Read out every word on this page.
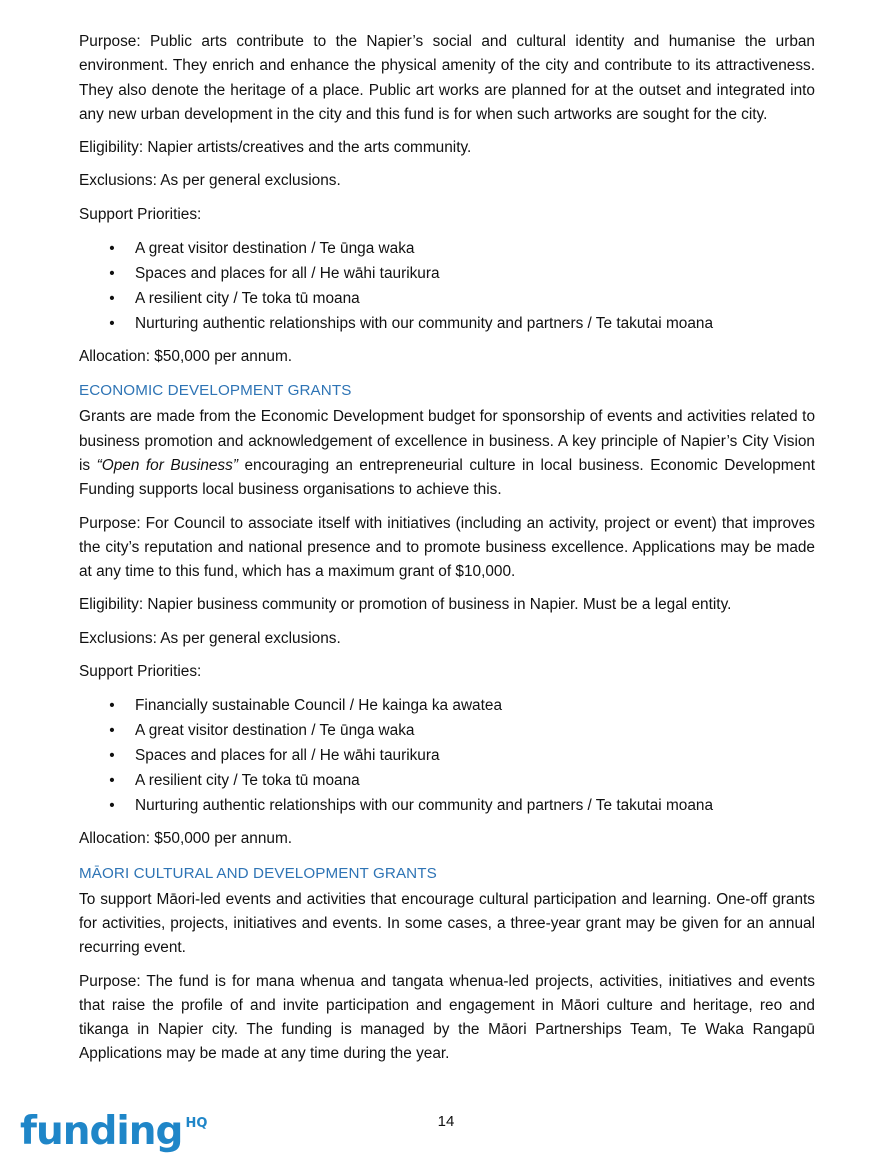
Purpose: Public arts contribute to the Napier’s social and cultural identity and humanise the urban environment. They enrich and enhance the physical amenity of the city and contribute to its attractiveness. They also denote the heritage of a place. Public art works are planned for at the outset and integrated into any new urban development in the city and this fund is for when such artworks are sought for the city.

Eligibility: Napier artists/creatives and the arts community.

Exclusions: As per general exclusions.

Support Priorities:

• A great visitor destination / Te ūnga waka
• Spaces and places for all / He wāhi taurikura
• A resilient city / Te toka tū moana
• Nurturing authentic relationships with our community and partners / Te takutai moana

Allocation: $50,000 per annum.

ECONOMIC DEVELOPMENT GRANTS

Grants are made from the Economic Development budget for sponsorship of events and activities related to business promotion and acknowledgement of excellence in business. A key principle of Napier’s City Vision is “Open for Business” encouraging an entrepreneurial culture in local business. Economic Development Funding supports local business organisations to achieve this.

Purpose: For Council to associate itself with initiatives (including an activity, project or event) that improves the city’s reputation and national presence and to promote business excellence. Applications may be made at any time to this fund, which has a maximum grant of $10,000.

Eligibility: Napier business community or promotion of business in Napier. Must be a legal entity.

Exclusions: As per general exclusions.

Support Priorities:

• Financially sustainable Council / He kainga ka awatea
• A great visitor destination / Te ūnga waka
• Spaces and places for all / He wāhi taurikura
• A resilient city / Te toka tū moana
• Nurturing authentic relationships with our community and partners / Te takutai moana

Allocation: $50,000 per annum.

MĀORI CULTURAL AND DEVELOPMENT GRANTS

To support Māori-led events and activities that encourage cultural participation and learning. One-off grants for activities, projects, initiatives and events. In some cases, a three-year grant may be given for an annual recurring event.

Purpose: The fund is for mana whenua and tangata whenua-led projects, activities, initiatives and events that raise the profile of and invite participation and engagement in Māori culture and heritage, reo and tikanga in Napier city. The funding is managed by the Māori Partnerships Team, Te Waka Rangapū Applications may be made at any time during the year.

funding HQ	14
